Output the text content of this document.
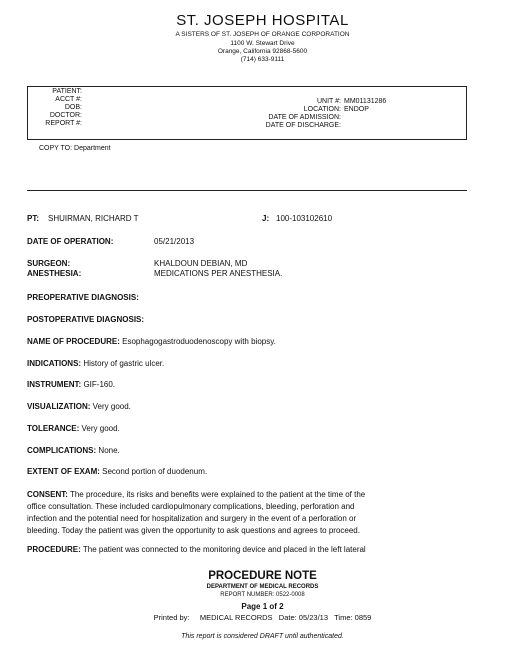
ST. JOSEPH HOSPITAL
A SISTERS OF ST. JOSEPH OF ORANGE CORPORATION
1100 W. Stewart Drive
Orange, California 92868-5600
(714) 633-9111
PATIENT:
ACCT #:
DOB:
DOCTOR:
REPORT #:
UNIT #: MM01131286
LOCATION: ENDOP
DATE OF ADMISSION:
DATE OF DISCHARGE:
COPY TO: Department
PT: SHUIRMAN, RICHARD T	J: 100-103102610
DATE OF OPERATION:	05/21/2013
SURGEON:	KHALDOUN DEBIAN, MD
ANESTHESIA:	MEDICATIONS PER ANESTHESIA.
PREOPERATIVE DIAGNOSIS:
POSTOPERATIVE DIAGNOSIS:
NAME OF PROCEDURE: Esophagogastroduodenoscopy with biopsy.
INDICATIONS: History of gastric ulcer.
INSTRUMENT: GIF-160.
VISUALIZATION: Very good.
TOLERANCE: Very good.
COMPLICATIONS: None.
EXTENT OF EXAM: Second portion of duodenum.
CONSENT: The procedure, its risks and benefits were explained to the patient at the time of the
office consultation. These included cardiopulmonary complications, bleeding, perforation and
infection and the potential need for hospitalization and surgery in the event of a perforation or
bleeding. Today the patient was given the opportunity to ask questions and agrees to proceed.
PROCEDURE: The patient was connected to the monitoring device and placed in the left lateral
PROCEDURE NOTE
DEPARTMENT OF MEDICAL RECORDS
REPORT NUMBER: 0522-0008
Page 1 of 2
Printed by:     MEDICAL RECORDS   Date: 05/23/13   Time: 0859
This report is considered DRAFT until authenticated.
